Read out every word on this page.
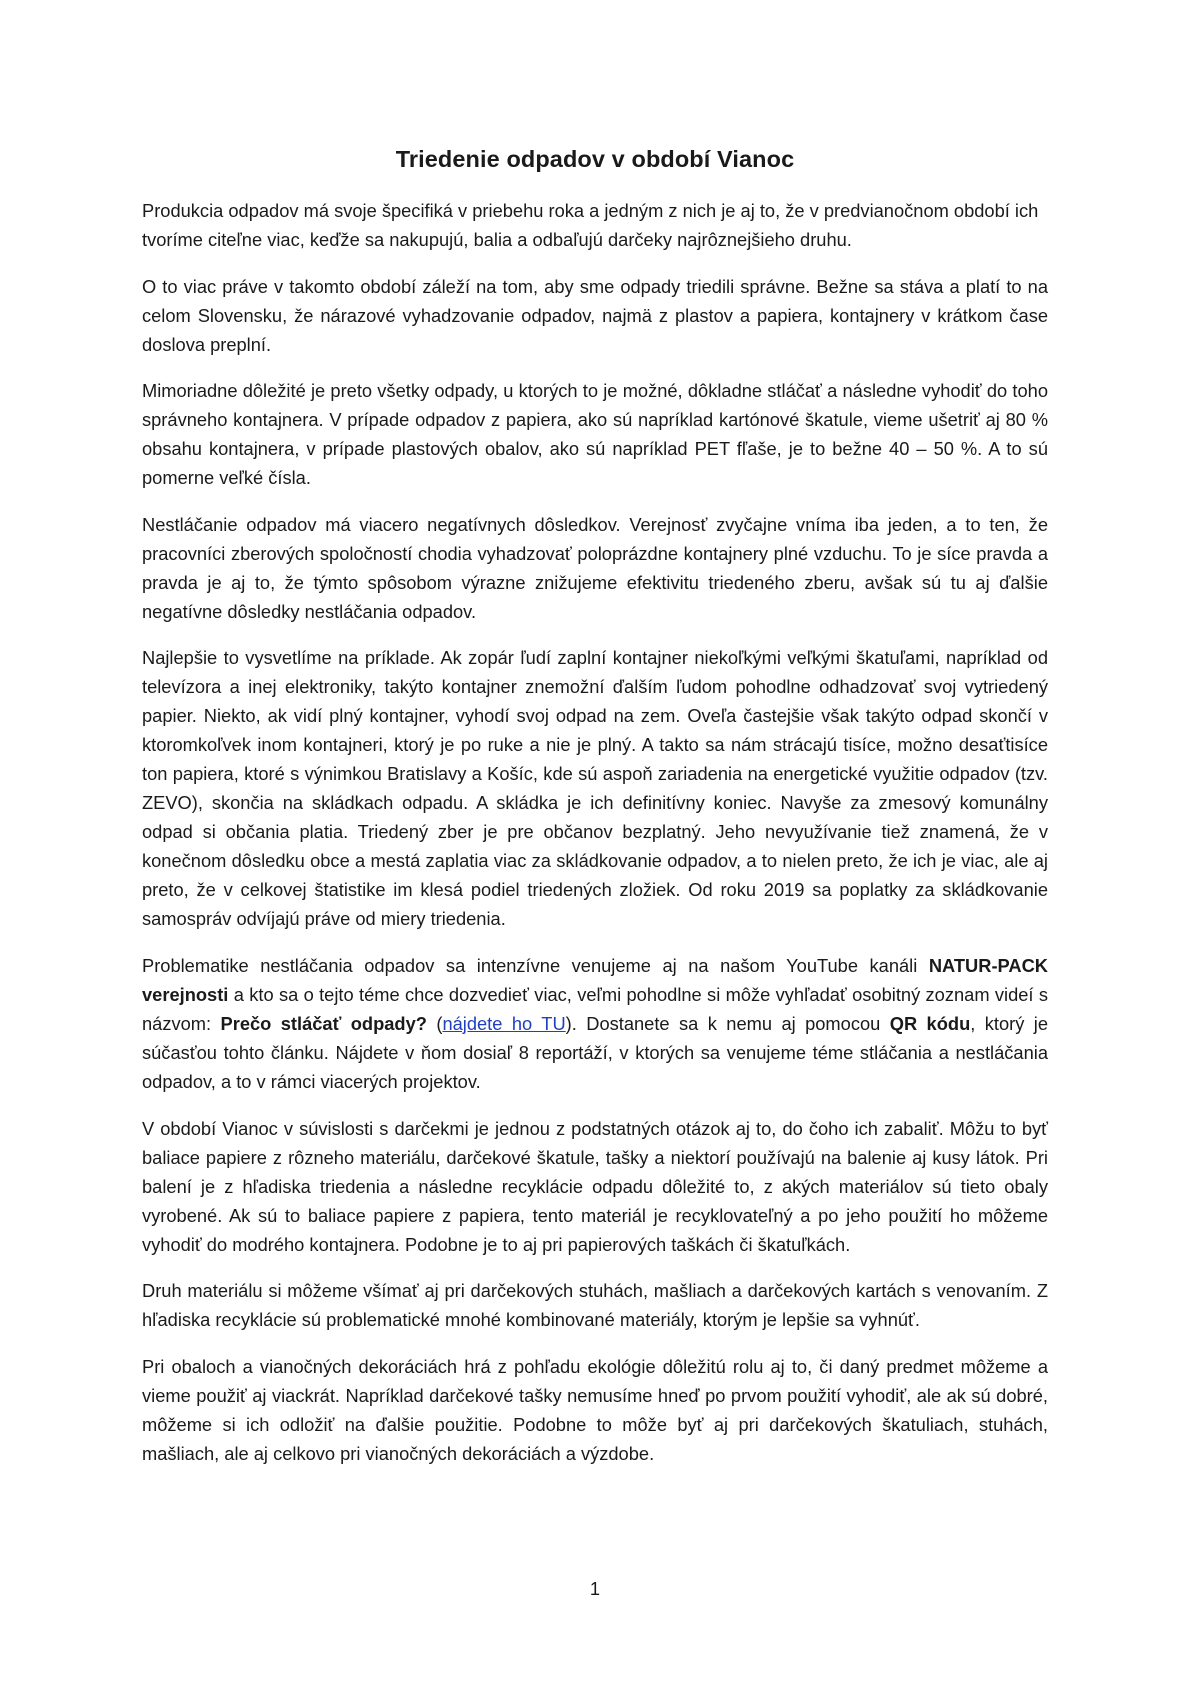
Triedenie odpadov v období Vianoc

Produkcia odpadov má svoje špecifiká v priebehu roka a jedným z nich je aj to, že v predvianočnom období ich tvoríme citeľne viac, keďže sa nakupujú, balia a odbaľujú darčeky najrôznejšieho druhu.

O to viac práve v takomto období záleží na tom, aby sme odpady triedili správne. Bežne sa stáva a platí to na celom Slovensku, že nárazové vyhadzovanie odpadov, najmä z plastov a papiera, kontajnery v krátkom čase doslova preplní.

Mimoriadne dôležité je preto všetky odpady, u ktorých to je možné, dôkladne stláčať a následne vyhodiť do toho správneho kontajnera. V prípade odpadov z papiera, ako sú napríklad kartónové škatule, vieme ušetriť aj 80 % obsahu kontajnera, v prípade plastových obalov, ako sú napríklad PET fľaše, je to bežne 40 – 50 %. A to sú pomerne veľké čísla.

Nestláčanie odpadov má viacero negatívnych dôsledkov. Verejnosť zvyčajne vníma iba jeden, a to ten, že pracovníci zberových spoločností chodia vyhadzovať poloprázdne kontajnery plné vzduchu. To je síce pravda a pravda je aj to, že týmto spôsobom výrazne znižujeme efektivitu triedeného zberu, avšak sú tu aj ďalšie negatívne dôsledky nestláčania odpadov.

Najlepšie to vysvetlíme na príklade. Ak zopár ľudí zaplní kontajner niekoľkými veľkými škatuľami, napríklad od televízora a inej elektroniky, takýto kontajner znemožní ďalším ľudom pohodlne odhadzovať svoj vytriedený papier. Niekto, ak vidí plný kontajner, vyhodí svoj odpad na zem. Oveľa častejšie však takýto odpad skončí v ktoromkoľvek inom kontajneri, ktorý je po ruke a nie je plný. A takto sa nám strácajú tisíce, možno desaťtisíce ton papiera, ktoré s výnimkou Bratislavy a Košíc, kde sú aspoň zariadenia na energetické využitie odpadov (tzv. ZEVO), skončia na skládkach odpadu. A skládka je ich definitívny koniec. Navyše za zmesový komunálny odpad si občania platia. Triedený zber je pre občanov bezplatný. Jeho nevyužívanie tiež znamená, že v konečnom dôsledku obce a mestá zaplatia viac za skládkovanie odpadov, a to nielen preto, že ich je viac, ale aj preto, že v celkovej štatistike im klesá podiel triedených zložiek. Od roku 2019 sa poplatky za skládkovanie samospráv odvíjajú práve od miery triedenia.

Problematike nestláčania odpadov sa intenzívne venujeme aj na našom YouTube kanáli NATUR-PACK verejnosti a kto sa o tejto téme chce dozvedieť viac, veľmi pohodlne si môže vyhľadať osobitný zoznam videí s názvom: Prečo stláčať odpady? (nájdete ho TU). Dostanete sa k nemu aj pomocou QR kódu, ktorý je súčasťou tohto článku. Nájdete v ňom dosiaľ 8 reportáží, v ktorých sa venujeme téme stláčania a nestláčania odpadov, a to v rámci viacerých projektov.

V období Vianoc v súvislosti s darčekmi je jednou z podstatných otázok aj to, do čoho ich zabaliť. Môžu to byť baliace papiere z rôzneho materiálu, darčekové škatule, tašky a niektorí používajú na balenie aj kusy látok. Pri balení je z hľadiska triedenia a následne recyklácie odpadu dôležité to, z akých materiálov sú tieto obaly vyrobené. Ak sú to baliace papiere z papiera, tento materiál je recyklovateľný a po jeho použití ho môžeme vyhodiť do modrého kontajnera. Podobne je to aj pri papierových taškách či škatuľkách.

Druh materiálu si môžeme všímať aj pri darčekových stuhách, mašliach a darčekových kartách s venovaním. Z hľadiska recyklácie sú problematické mnohé kombinované materiály, ktorým je lepšie sa vyhnúť.

Pri obaloch a vianočných dekoráciách hrá z pohľadu ekológie dôležitú rolu aj to, či daný predmet môžeme a vieme použiť aj viackrát. Napríklad darčekové tašky nemusíme hneď po prvom použití vyhodiť, ale ak sú dobré, môžeme si ich odložiť na ďalšie použitie. Podobne to môže byť aj pri darčekových škatuliach, stuhách, mašliach, ale aj celkovo pri vianočných dekoráciách a výzdobe.

1
